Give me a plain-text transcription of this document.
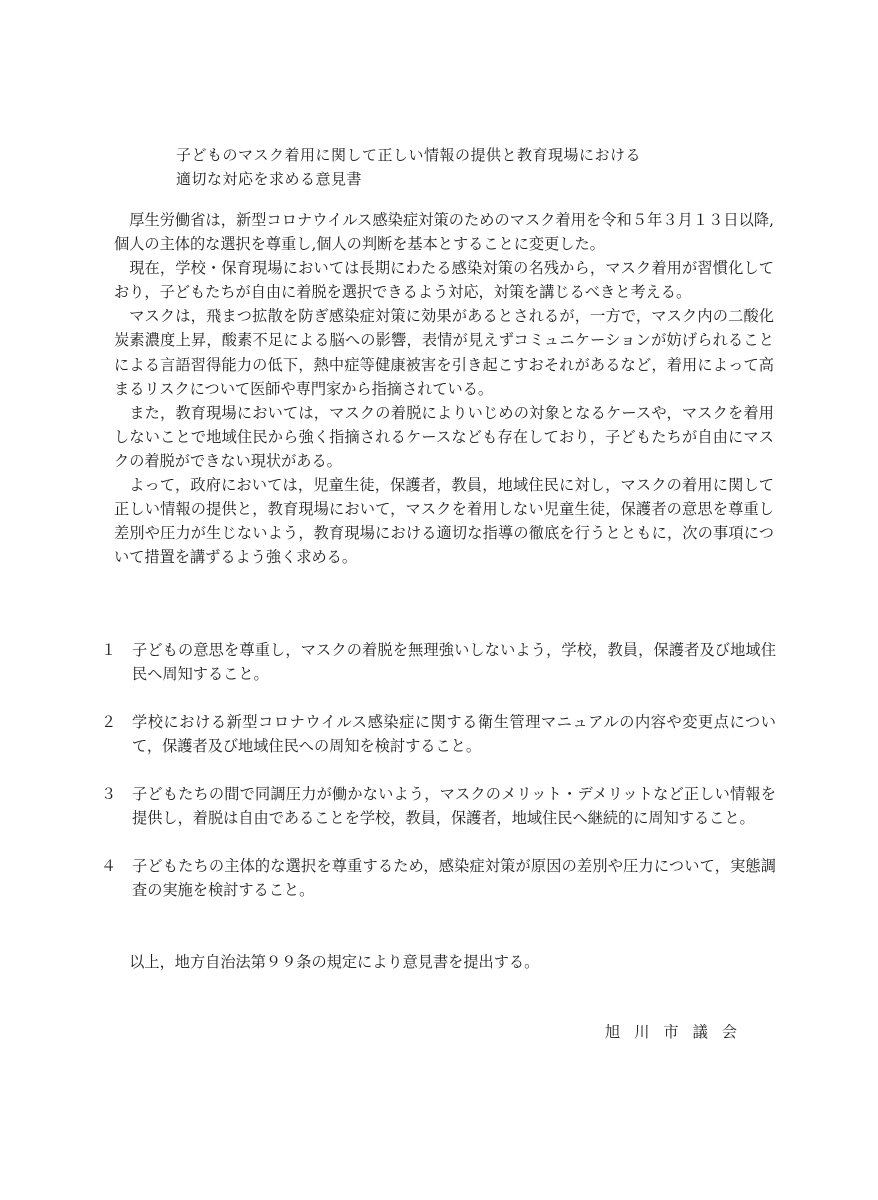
子どものマスク着用に関して正しい情報の提供と教育現場における
適切な対応を求める意見書

厚生労働省は，新型コロナウイルス感染症対策のためのマスク着用を令和５年３月１３日以降,個人の主体的な選択を尊重し,個人の判断を基本とすることに変更した。

現在，学校・保育現場においては長期にわたる感染対策の名残から，マスク着用が習慣化しており，子どもたちが自由に着脱を選択できるよう対応，対策を講じるべきと考える。

マスクは，飛まつ拡散を防ぎ感染症対策に効果があるとされるが，一方で，マスク内の二酸化炭素濃度上昇，酸素不足による脳への影響，表情が見えずコミュニケーションが妨げられることによる言語習得能力の低下，熱中症等健康被害を引き起こすおそれがあるなど，着用によって高まるリスクについて医師や専門家から指摘されている。

また，教育現場においては，マスクの着脱によりいじめの対象となるケースや，マスクを着用しないことで地域住民から強く指摘されるケースなども存在しており，子どもたちが自由にマスクの着脱ができない現状がある。

よって，政府においては，児童生徒，保護者，教員，地域住民に対し，マスクの着用に関して正しい情報の提供と，教育現場において，マスクを着用しない児童生徒，保護者の意思を尊重し差別や圧力が生じないよう，教育現場における適切な指導の徹底を行うとともに，次の事項について措置を講ずるよう強く求める。

１	子どもの意思を尊重し，マスクの着脱を無理強いしないよう，学校，教員，保護者及び地域住民へ周知すること。
２	学校における新型コロナウイルス感染症に関する衛生管理マニュアルの内容や変更点について，保護者及び地域住民への周知を検討すること。
３	子どもたちの間で同調圧力が働かないよう，マスクのメリット・デメリットなど正しい情報を提供し，着脱は自由であることを学校，教員，保護者，地域住民へ継続的に周知すること。
４	子どもたちの主体的な選択を尊重するため，感染症対策が原因の差別や圧力について，実態調査の実施を検討すること。
以上，地方自治法第９９条の規定により意見書を提出する。
旭川市議会
